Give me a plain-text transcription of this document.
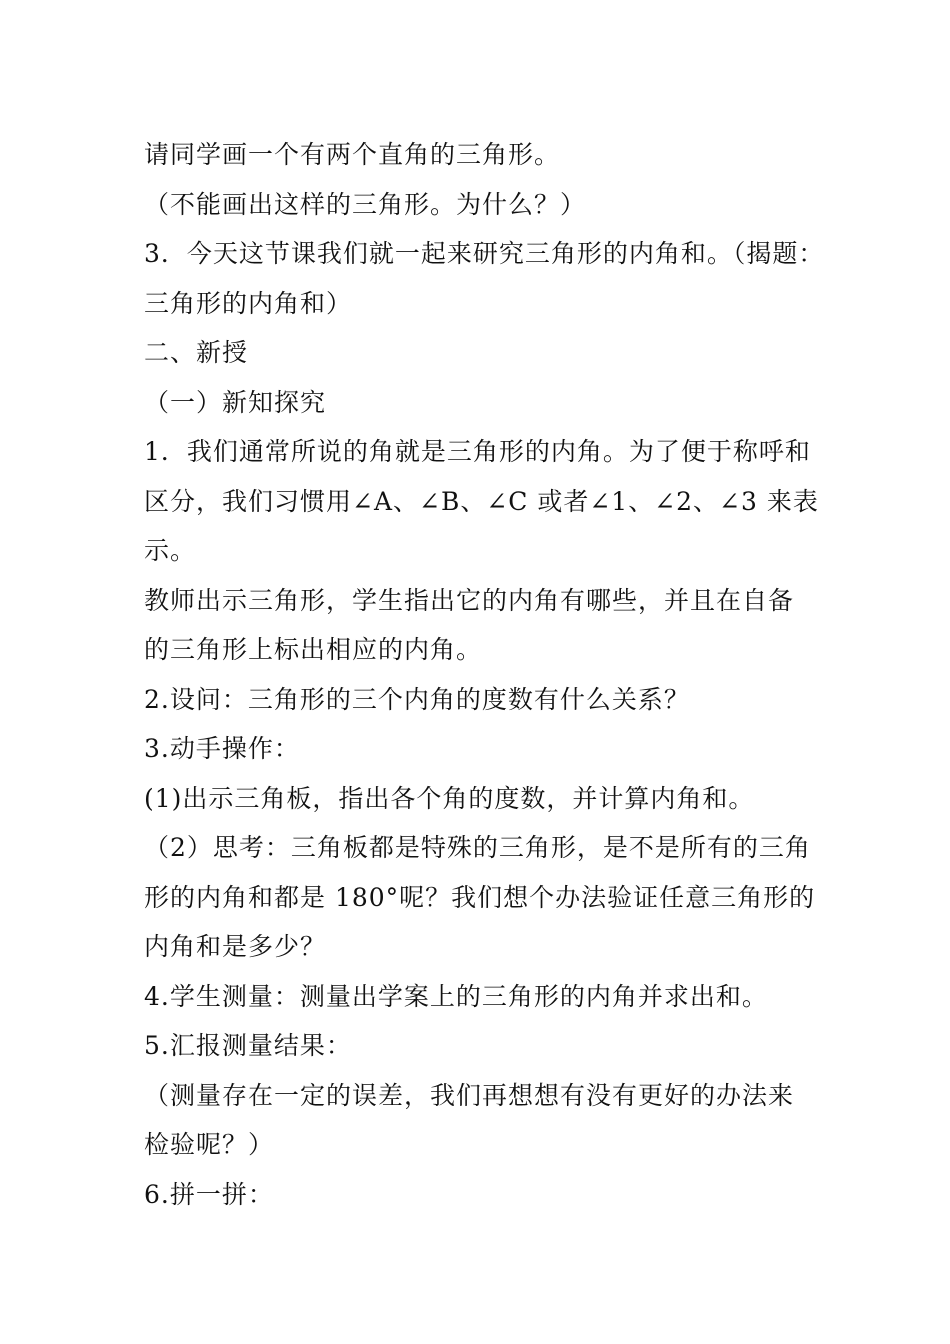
请同学画一个有两个直角的三角形。
（不能画出这样的三角形。为什么？）
3．今天这节课我们就一起来研究三角形的内角和。（揭题：
三角形的内角和）
二、新授
（一）新知探究
1．我们通常所说的角就是三角形的内角。为了便于称呼和
区分，我们习惯用∠A、∠B、∠C 或者∠1、∠2、∠3 来表
示。
教师出示三角形，学生指出它的内角有哪些，并且在自备
的三角形上标出相应的内角。
2.设问：三角形的三个内角的度数有什么关系？
3.动手操作：
(1)出示三角板，指出各个角的度数，并计算内角和。
（2）思考：三角板都是特殊的三角形，是不是所有的三角
形的内角和都是 180°呢？我们想个办法验证任意三角形的
内角和是多少？
4.学生测量：测量出学案上的三角形的内角并求出和。
5.汇报测量结果：
（测量存在一定的误差，我们再想想有没有更好的办法来
检验呢？）
6.拼一拼：
